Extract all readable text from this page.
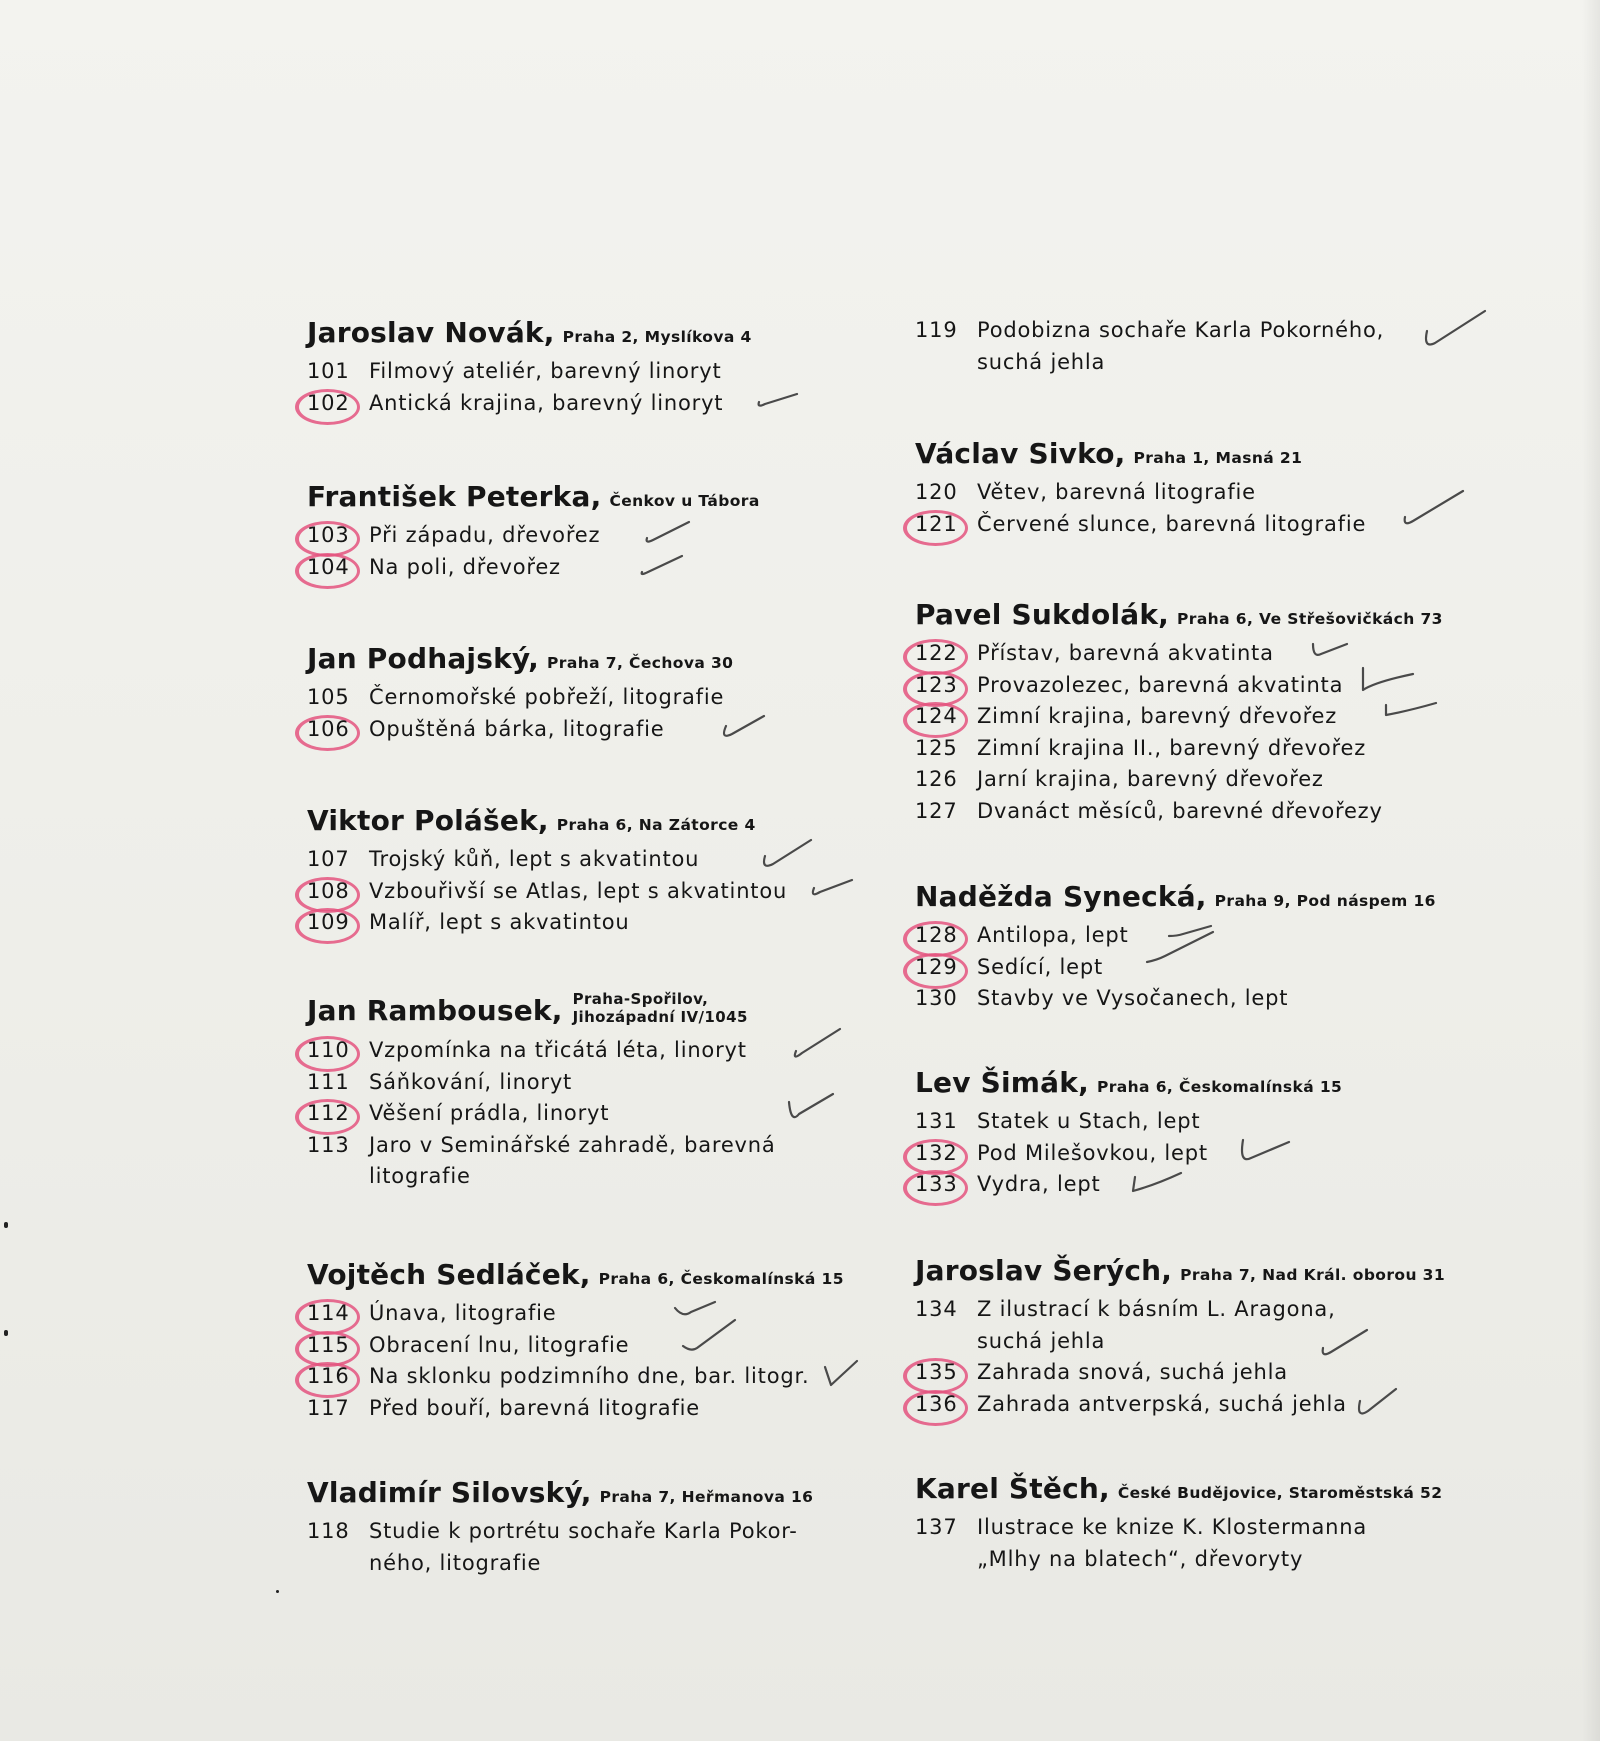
Jaroslav Novák, Praha 2, Myslíkova 4
101 Filmový ateliér, barevný linoryt
102 Antická krajina, barevný linoryt
František Peterka, Čenkov u Tábora
103 Při západu, dřevořez
104 Na poli, dřevořez
Jan Podhajský, Praha 7, Čechova 30
105 Černomořské pobřeží, litografie
106 Opuštěná bárka, litografie
Viktor Polášek, Praha 6, Na Zátorce 4
107 Trojský kůň, lept s akvatintou
108 Vzbouřivší se Atlas, lept s akvatintou
109 Malíř, lept s akvatintou
Jan Rambousek, Praha-Spořilov,
Jihozápadní IV/1045
110 Vzpomínka na třicátá léta, linoryt
111 Sáňkování, linoryt
112 Věšení prádla, linoryt
113 Jaro v Seminářské zahradě, barevná
litografie
Vojtěch Sedláček, Praha 6, Českomalínská 15
114 Únava, litografie
115 Obracení lnu, litografie
116 Na sklonku podzimního dne, bar. litogr.
117 Před bouří, barevná litografie
Vladimír Silovský, Praha 7, Heřmanova 16
118 Studie k portrétu sochaře Karla Pokor-
ného, litografie
119 Podobizna sochaře Karla Pokorného,
suchá jehla
Václav Sivko, Praha 1, Masná 21
120 Větev, barevná litografie
121 Červené slunce, barevná litografie
Pavel Sukdolák, Praha 6, Ve Střešovičkách 73
122 Přístav, barevná akvatinta
123 Provazolezec, barevná akvatinta
124 Zimní krajina, barevný dřevořez
125 Zimní krajina II., barevný dřevořez
126 Jarní krajina, barevný dřevořez
127 Dvanáct měsíců, barevné dřevořezy
Naděžda Synecká, Praha 9, Pod náspem 16
128 Antilopa, lept
129 Sedící, lept
130 Stavby ve Vysočanech, lept
Lev Šimák, Praha 6, Českomalínská 15
131 Statek u Stach, lept
132 Pod Milešovkou, lept
133 Vydra, lept
Jaroslav Šerých, Praha 7, Nad Král. oborou 31
134 Z ilustrací k básním L. Aragona,
suchá jehla
135 Zahrada snová, suchá jehla
136 Zahrada antverpská, suchá jehla
Karel Štěch, České Budějovice, Staroměstská 52
137 Ilustrace ke knize K. Klostermanna
„Mlhy na blatech“, dřevoryty
